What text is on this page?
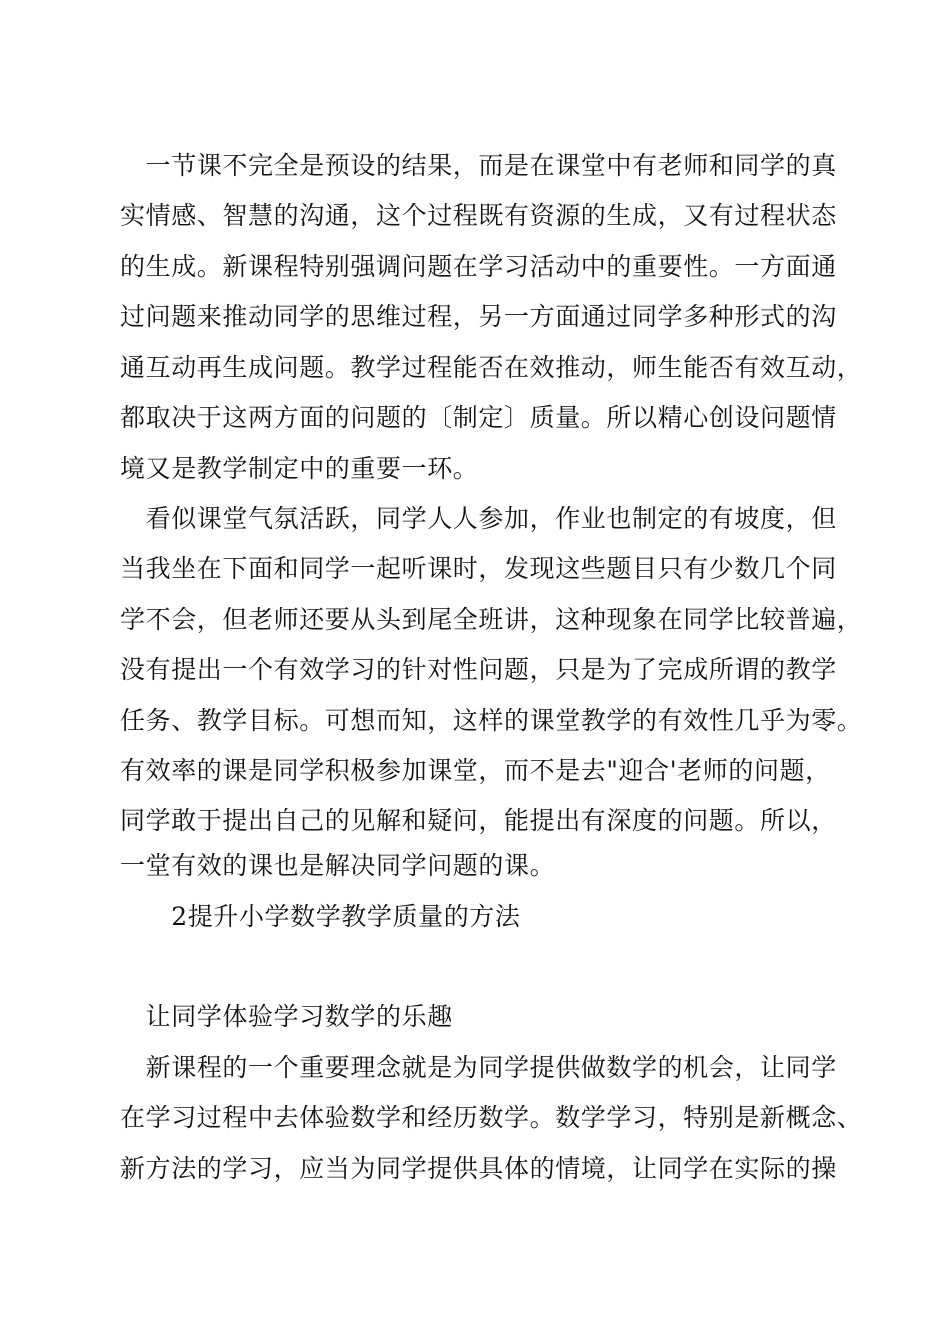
　一节课不完全是预设的结果，而是在课堂中有老师和同学的真
实情感、智慧的沟通，这个过程既有资源的生成，又有过程状态
的生成。新课程特别强调问题在学习活动中的重要性。一方面通
过问题来推动同学的思维过程，另一方面通过同学多种形式的沟
通互动再生成问题。教学过程能否在效推动，师生能否有效互动，
都取决于这两方面的问题的〔制定〕质量。所以精心创设问题情
境又是教学制定中的重要一环。
　看似课堂气氛活跃，同学人人参加，作业也制定的有坡度，但
当我坐在下面和同学一起听课时，发现这些题目只有少数几个同
学不会，但老师还要从头到尾全班讲，这种现象在同学比较普遍，
没有提出一个有效学习的针对性问题，只是为了完成所谓的教学
任务、教学目标。可想而知，这样的课堂教学的有效性几乎为零。
有效率的课是同学积极参加课堂，而不是去"迎合'老师的问题，
同学敢于提出自己的见解和疑问，能提出有深度的问题。所以，
一堂有效的课也是解决同学问题的课。
　　2提升小学数学教学质量的方法
　让同学体验学习数学的乐趣
　新课程的一个重要理念就是为同学提供做数学的机会，让同学
在学习过程中去体验数学和经历数学。数学学习，特别是新概念、
新方法的学习，应当为同学提供具体的情境，让同学在实际的操
